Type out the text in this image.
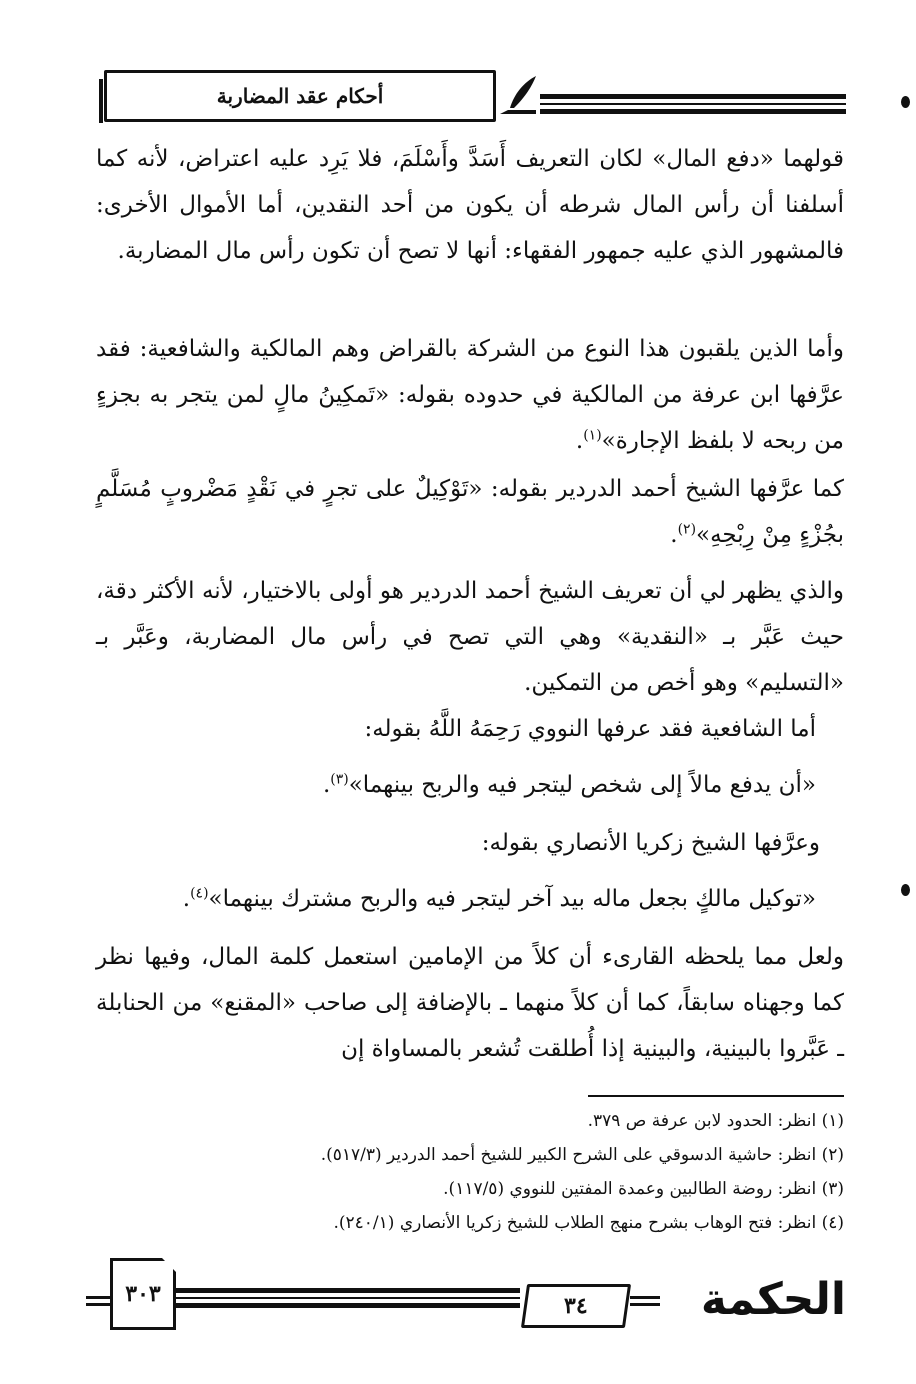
أحكام عقد المضاربة

قولهما «دفع المال» لكان التعريف أَسَدَّ وأَسْلَمَ، فلا يَرِد عليه اعتراض، لأنه كما أسلفنا أن رأس المال شرطه أن يكون من أحد النقدين، أما الأموال الأخرى: فالمشهور الذي عليه جمهور الفقهاء: أنها لا تصح أن تكون رأس مال المضاربة.

وأما الذين يلقبون هذا النوع من الشركة بالقراض وهم المالكية والشافعية: فقد عرَّفها ابن عرفة من المالكية في حدوده بقوله: «تَمكِينُ مالٍ لمن يتجر به بجزءٍ من ربحه لا بلفظ الإجارة»$^{(١)}$.

كما عرَّفها الشيخ أحمد الدردير بقوله: «تَوْكِيلٌ على تجرٍ في نَقْدٍ مَضْروبٍ مُسَلَّمٍ بجُزْءٍ مِنْ رِبْحِهِ»$^{(٢)}$.

والذي يظهر لي أن تعريف الشيخ أحمد الدردير هو أولى بالاختيار، لأنه الأكثر دقة، حيث عَبَّر بـ «النقدية» وهي التي تصح في رأس مال المضاربة، وعَبَّر بـ «التسليم» وهو أخص من التمكين.

أما الشافعية فقد عرفها النووي رَحِمَهُ اللَّهُ بقوله:

«أن يدفع مالاً إلى شخص ليتجر فيه والربح بينهما»$^{(٣)}$.

وعرَّفها الشيخ زكريا الأنصاري بقوله:

«توكيل مالكٍ بجعل ماله بيد آخر ليتجر فيه والربح مشترك بينهما»$^{(٤)}$.

ولعل مما يلحظه القارىء أن كلاً من الإمامين استعمل كلمة المال، وفيها نظر كما وجهناه سابقاً، كما أن كلاً منهما ـ بالإضافة إلى صاحب «المقنع» من الحنابلة ـ عَبَّروا بالبينية، والبينية إذا أُطلقت تُشعر بالمساواة إن

(١) انظر: الحدود لابن عرفة ص ٣٧٩.
(٢) انظر: حاشية الدسوقي على الشرح الكبير للشيخ أحمد الدردير (٥١٧/٣).
(٣) انظر: روضة الطالبين وعمدة المفتين للنووي (١١٧/٥).
(٤) انظر: فتح الوهاب بشرح منهج الطلاب للشيخ زكريا الأنصاري (٢٤٠/١).
٣٠٣	٣٤	الحكمة
